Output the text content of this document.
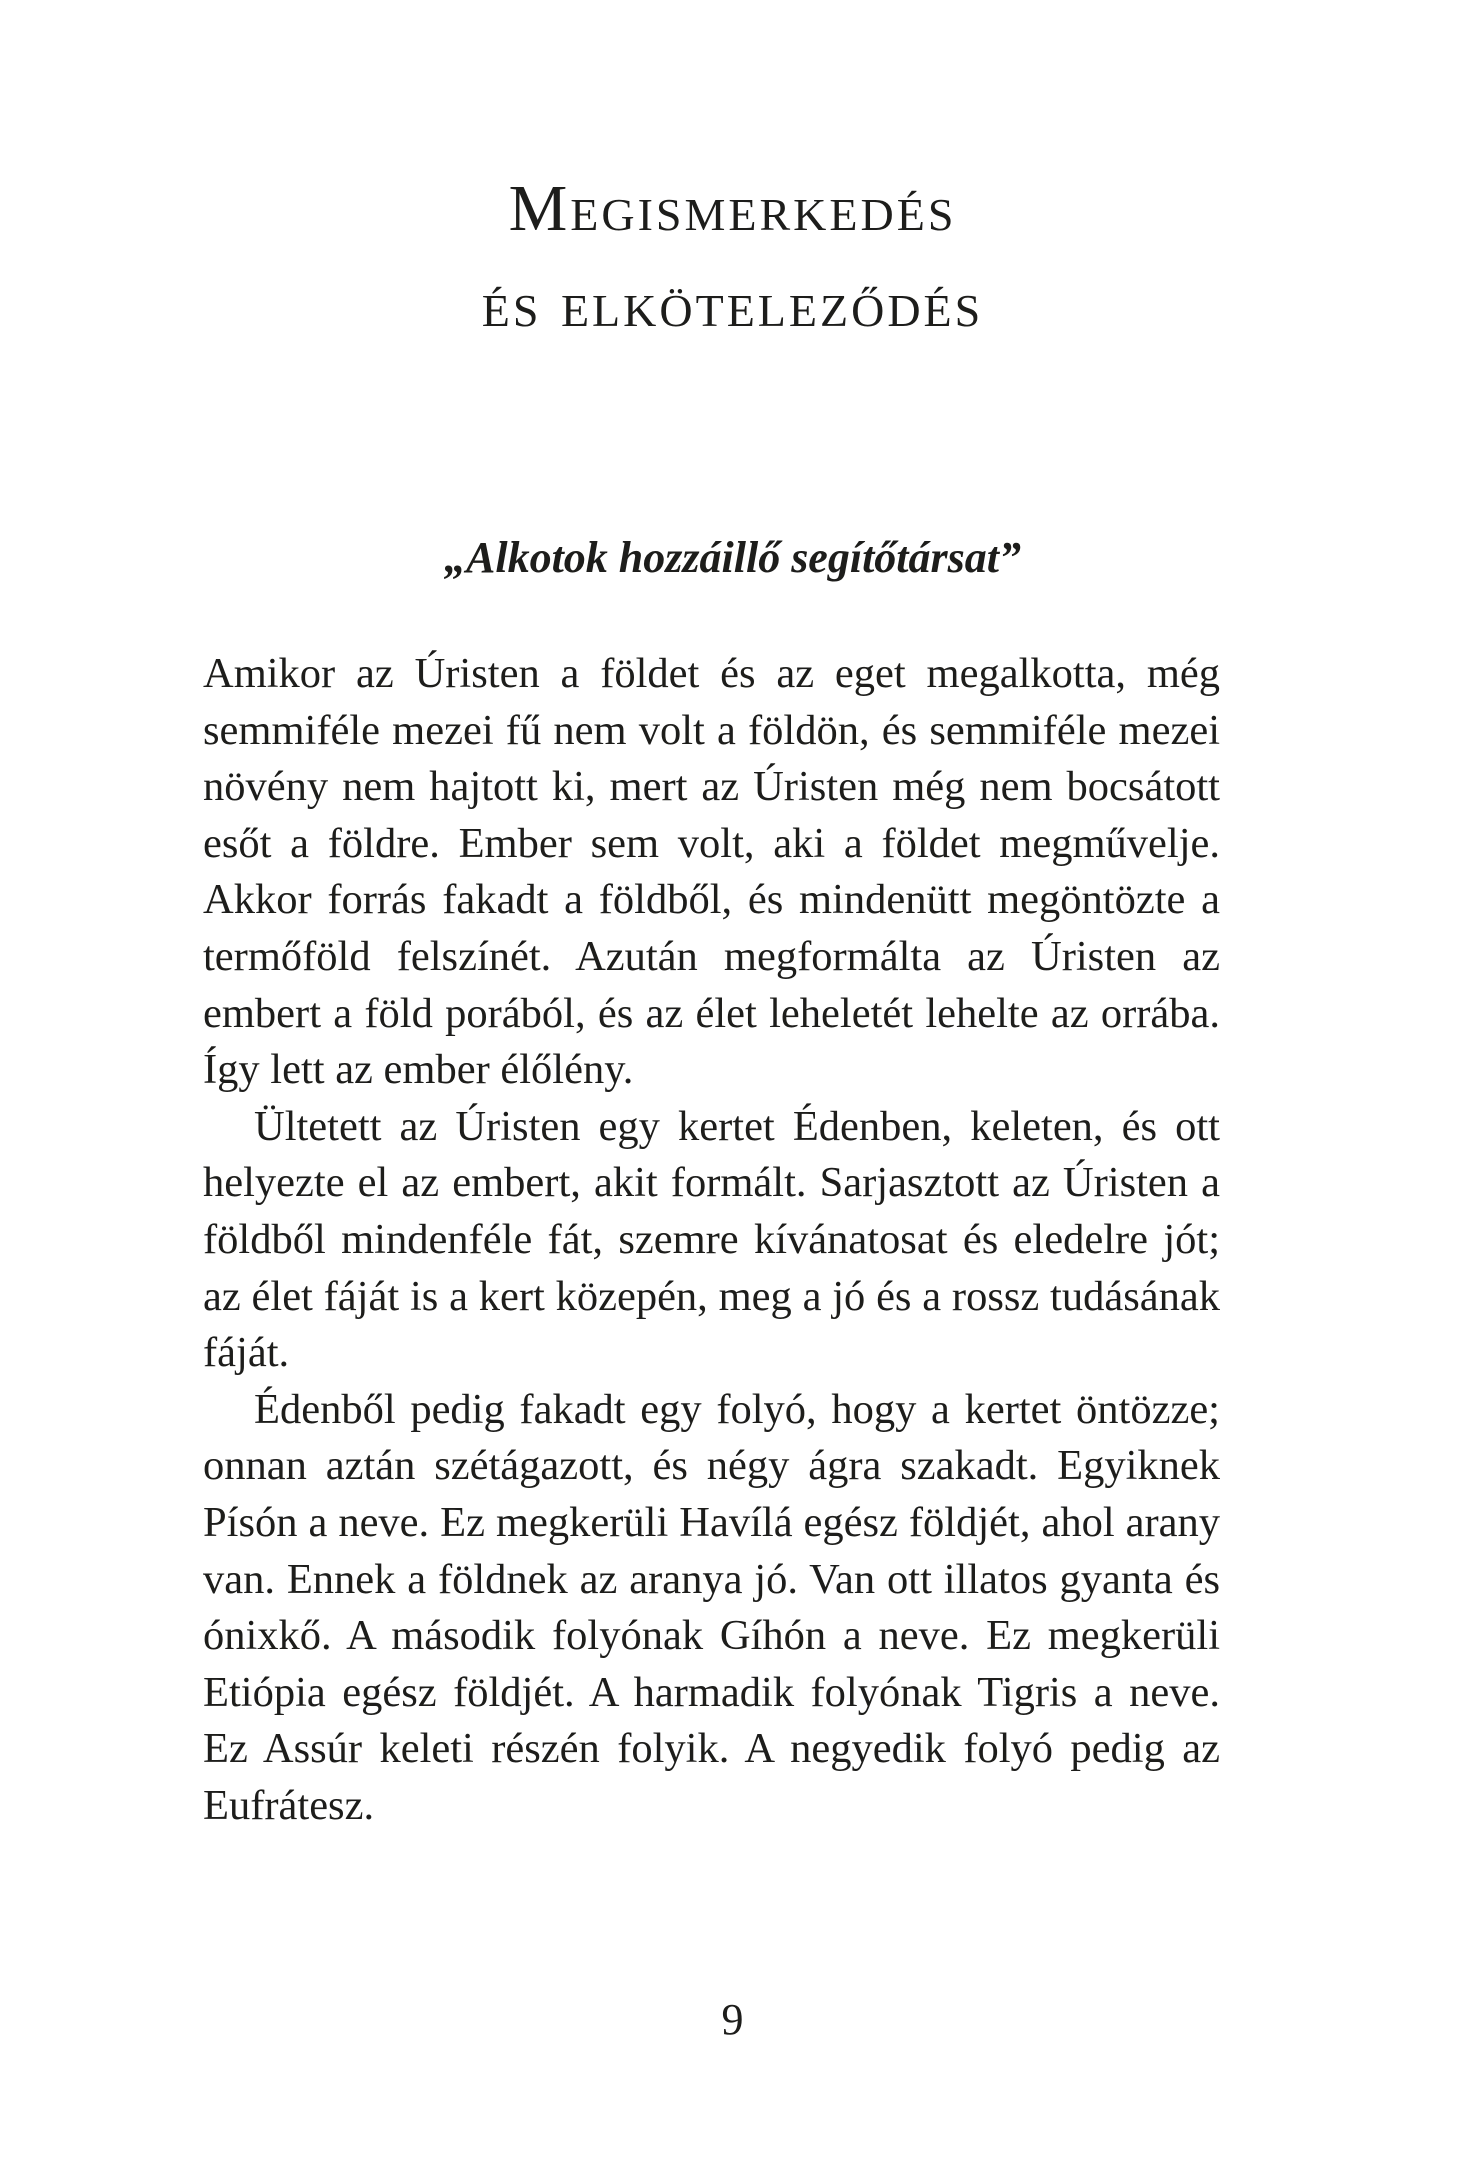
Megismerkedés
és elköteleződés
„Alkotok hozzáillő segítőtársat”

Amikor az Úristen a földet és az eget megalkotta, még semmiféle mezei fű nem volt a földön, és semmiféle mezei növény nem hajtott ki, mert az Úristen még nem bocsátott esőt a földre. Ember sem volt, aki a földet megművelje. Akkor forrás fakadt a földből, és mindenütt megöntözte a termőföld felszínét. Azután megformálta az Úristen az embert a föld porából, és az élet leheletét lehelte az orrába. Így lett az ember élőlény.

Ültetett az Úristen egy kertet Édenben, keleten, és ott helyezte el az embert, akit formált. Sarjasztott az Úristen a földből mindenféle fát, szemre kívánatosat és eledelre jót; az élet fáját is a kert közepén, meg a jó és a rossz tudásának fáját.

Édenből pedig fakadt egy folyó, hogy a kertet öntözze; onnan aztán szétágazott, és négy ágra szakadt. Egyiknek Písón a neve. Ez megkerüli Havílá egész földjét, ahol arany van. Ennek a földnek az aranya jó. Van ott illatos gyanta és ónixkő. A második folyónak Gíhón a neve. Ez megkerüli Etiópia egész földjét. A harmadik folyónak Tigris a neve. Ez Assúr keleti részén folyik. A negyedik folyó pedig az Eufrátesz.

9
